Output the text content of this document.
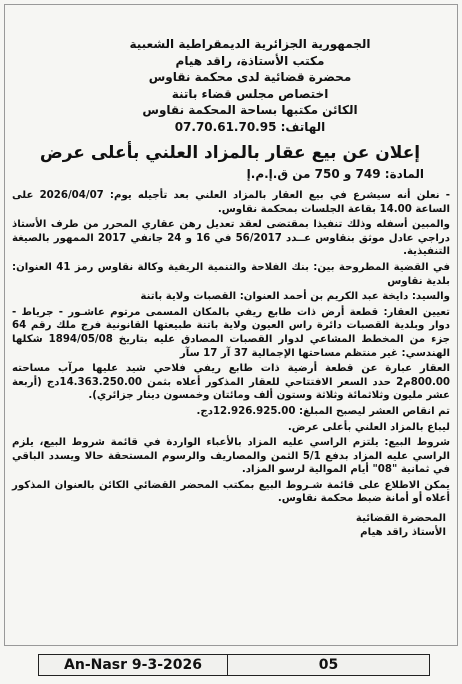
الجمهورية الجزائرية الديمقراطية الشعبية
مكتب الأستاذة، راقد هيام
محضرة قضائية لدى محكمة نقاوس
اختصاص مجلس قضاء باتنة
الكائن مكتبها بساحة المحكمة نقاوس
الهاتف: 07.70.61.70.95
إعلان عن بيع عقار بالمزاد العلني بأعلى عرض
المادة: 749 و 750 من ق.إ.م.إ

- نعلن أنه سيشرع في بيع العقار بالمزاد العلني بعد تأجيله يوم: 2026/04/07 على الساعة 14.00 بقاعة الجلسات بمحكمة نقاوس.

والمبين أسفله وذلك تنفيذا بمقتضى لعقد تعديل رهن عقاري المحرر من طرف الأستاذ دراجي عادل موثق بنقاوس عــدد 56/2017 في 16 و 24 جانفي 2017 الممهور بالصيغة التنفيذية.

في القضية المطروحة بين: بنك الفلاحة والتنمية الريفية وكالة نقاوس رمز 41 العنوان: بلدية نقاوس

والسيد: دايخة عبد الكريم بن أحمد العنوان: القصبات ولاية باتنة

تعيين العقار: قطعة أرض ذات طابع ريفي بالمكان المسمى مرتوم عاشـور - جرياط - دوار وبلدية القصبات دائرة راس العيون ولاية باتنة طبيعتها القانونية فرج ملك رقم 64 جزء من المخطط المشاعي لدوار القصبات المصادق عليه بتاريخ 1894/05/08 شكلها الهندسي: غير منتظم مساحتها الإجمالية 37 آر 17 سآر

العقار عبارة عن قطعة أرضية ذات طابع ريفي فلاحي شيد عليها مرآب مساحته 800.00م2 حدد السعر الافتتاحي للعقار المذكور أعلاه بثمن 14.363.250.00دج (أربعة عشر مليون وثلاثمائة وثلاثة وستون ألف ومائتان وخمسون دينار جزائري).

تم انقاص العشر ليصبح المبلغ: 12.926.925.00دج.

ليباع بالمزاد العلني بأعلى عرض.

شروط البيع: يلتزم الراسي عليه المزاد بالأعباء الواردة في قائمة شروط البيع، يلزم الراسي عليه المزاد بدفع 5/1 الثمن والمصاريف والرسوم المستحقة حالا ويسدد الباقي في ثمانية "08" أيام الموالية لرسو المزاد.

يمكن الاطلاع على قائمة شـروط البيع بمكتب المحضر القضائي الكائن بالعنوان المذكور أعلاه أو أمانة ضبط محكمة نقاوس.

المحضرة القضائية
الأستاذ راقد هيام
An-Nasr 9-3-2026	05
